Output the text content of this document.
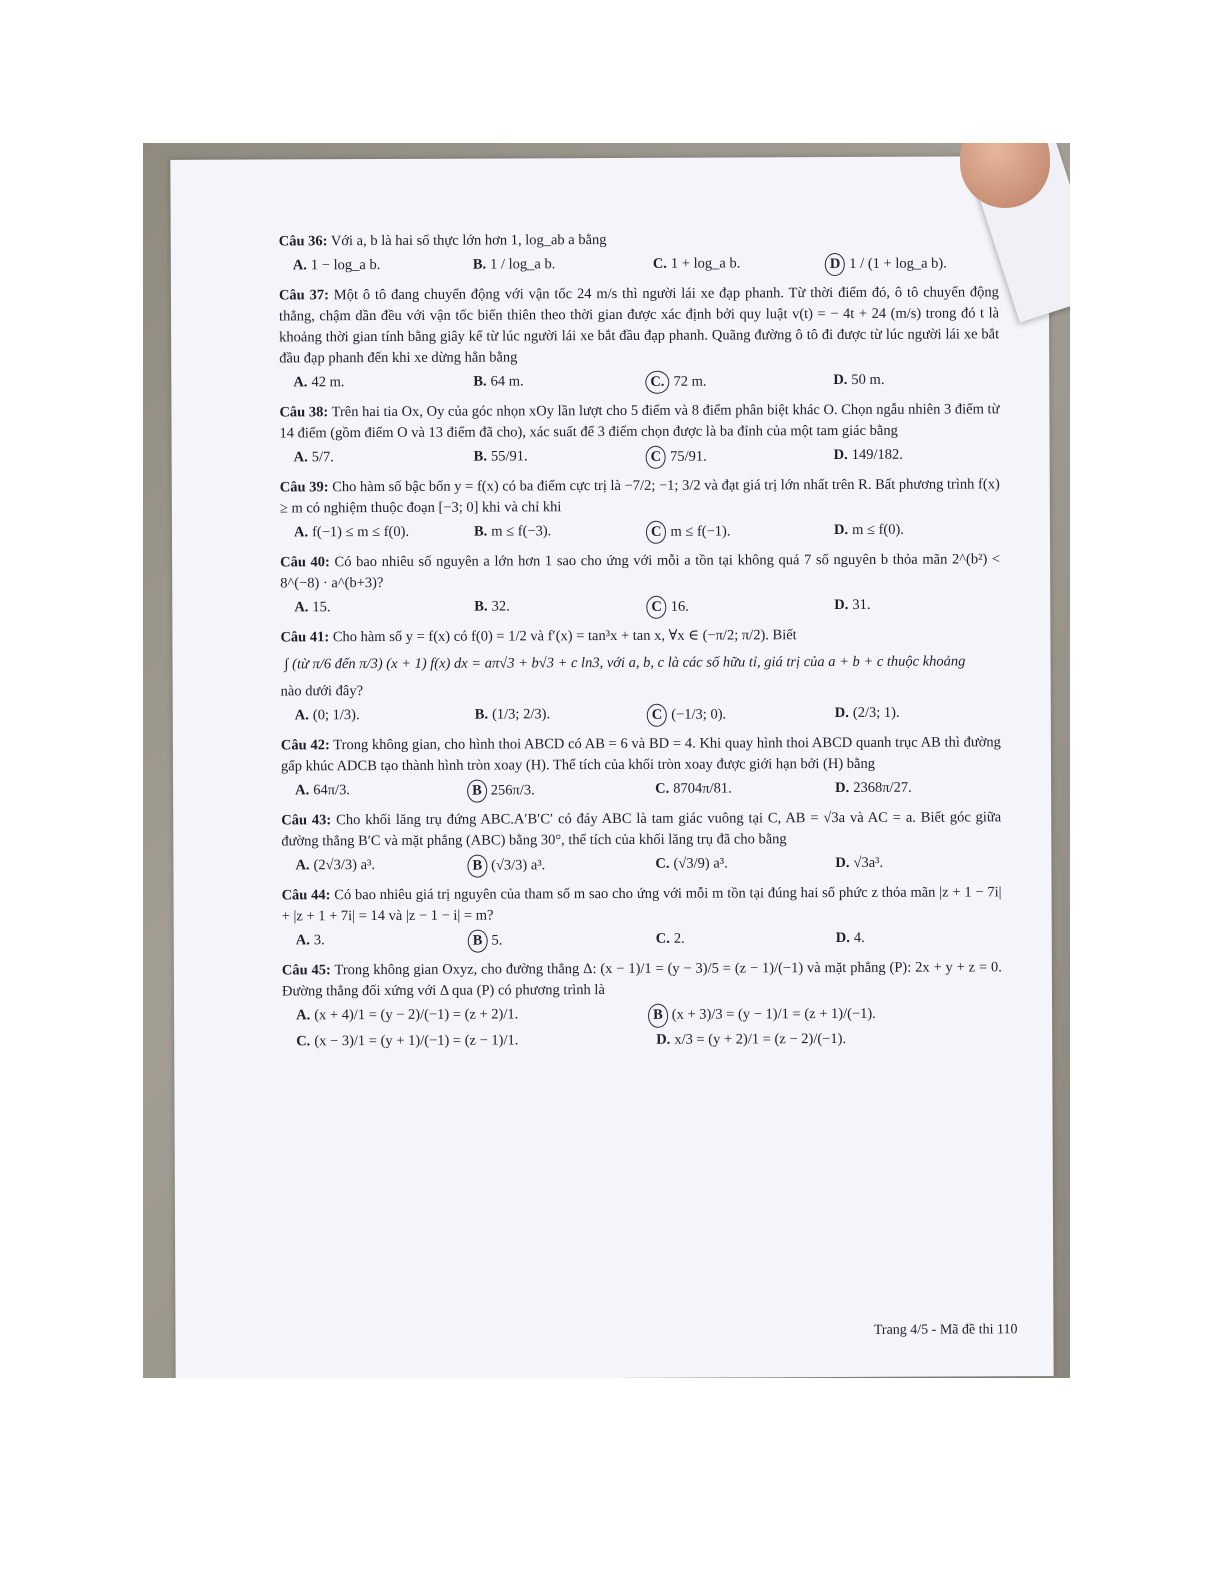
Câu 36: Với a, b là hai số thực lớn hơn 1, log_ab a bằng
A. 1 − log_a b.	B. 1 / log_a b.	C. 1 + log_a b.	D 1 / (1 + log_a b).
Câu 37: Một ô tô đang chuyển động với vận tốc 24 m/s thì người lái xe đạp phanh. Từ thời điểm đó, ô tô chuyển động thẳng, chậm dần đều với vận tốc biến thiên theo thời gian được xác định bởi quy luật v(t) = − 4t + 24 (m/s) trong đó t là khoảng thời gian tính bằng giây kể từ lúc người lái xe bắt đầu đạp phanh. Quãng đường ô tô đi được từ lúc người lái xe bắt đầu đạp phanh đến khi xe dừng hẳn bằng
A. 42 m.	B. 64 m.	C. 72 m.	D. 50 m.
Câu 38: Trên hai tia Ox, Oy của góc nhọn xOy lần lượt cho 5 điểm và 8 điểm phân biệt khác O. Chọn ngẫu nhiên 3 điểm từ 14 điểm (gồm điểm O và 13 điểm đã cho), xác suất để 3 điểm chọn được là ba đỉnh của một tam giác bằng
A. 5/7.	B. 55/91.	C 75/91.	D. 149/182.
Câu 39: Cho hàm số bậc bốn y = f(x) có ba điểm cực trị là −7/2; −1; 3/2 và đạt giá trị lớn nhất trên R. Bất phương trình f(x) ≥ m có nghiệm thuộc đoạn [−3; 0] khi và chỉ khi
A. f(−1) ≤ m ≤ f(0).	B. m ≤ f(−3).	C m ≤ f(−1).	D. m ≤ f(0).
Câu 40: Có bao nhiêu số nguyên a lớn hơn 1 sao cho ứng với mỗi a tồn tại không quá 7 số nguyên b thỏa mãn 2^(b²) < 8^(−8) · a^(b+3)?
A. 15.	B. 32.	C 16.	D. 31.
Câu 41: Cho hàm số y = f(x) có f(0) = 1/2 và f′(x) = tan³x + tan x, ∀x ∈ (−π/2; π/2). Biết
∫ (từ π/6 đến π/3) (x + 1) f(x) dx = aπ√3 + b√3 + c ln3, với a, b, c là các số hữu tỉ, giá trị của a + b + c thuộc khoảng
nào dưới đây?
A. (0; 1/3).	B. (1/3; 2/3).	C (−1/3; 0).	D. (2/3; 1).
Câu 42: Trong không gian, cho hình thoi ABCD có AB = 6 và BD = 4. Khi quay hình thoi ABCD quanh trục AB thì đường gấp khúc ADCB tạo thành hình tròn xoay (H). Thể tích của khối tròn xoay được giới hạn bởi (H) bằng
A. 64π/3.	B 256π/3.	C. 8704π/81.	D. 2368π/27.
Câu 43: Cho khối lăng trụ đứng ABC.A′B′C′ có đáy ABC là tam giác vuông tại C, AB = √3a và AC = a. Biết góc giữa đường thẳng B′C và mặt phẳng (ABC) bằng 30°, thể tích của khối lăng trụ đã cho bằng
A. (2√3/3) a³.	B (√3/3) a³.	C. (√3/9) a³.	D. √3a³.
Câu 44: Có bao nhiêu giá trị nguyên của tham số m sao cho ứng với mỗi m tồn tại đúng hai số phức z thỏa mãn |z + 1 − 7i| + |z + 1 + 7i| = 14 và |z − 1 − i| = m?
A. 3.	B 5.	C. 2.	D. 4.
Câu 45: Trong không gian Oxyz, cho đường thẳng Δ: (x − 1)/1 = (y − 3)/5 = (z − 1)/(−1) và mặt phẳng (P): 2x + y + z = 0. Đường thẳng đối xứng với Δ qua (P) có phương trình là
A. (x + 4)/1 = (y − 2)/(−1) = (z + 2)/1.	B (x + 3)/3 = (y − 1)/1 = (z + 1)/(−1).
C. (x − 3)/1 = (y + 1)/(−1) = (z − 1)/1.	D. x/3 = (y + 2)/1 = (z − 2)/(−1).
Trang 4/5 - Mã đề thi 110
